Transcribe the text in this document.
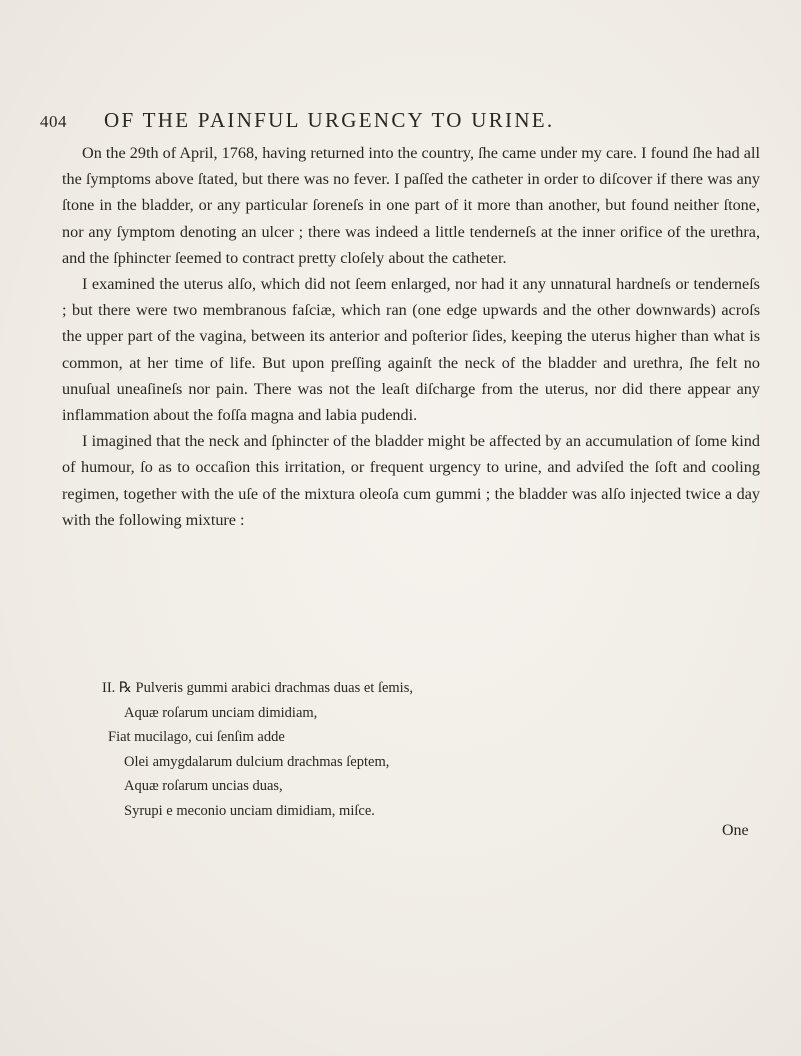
404 OF THE PAINFUL URGENCY TO URINE.

On the 29th of April, 1768, having returned into the country, ſhe came under my care. I found ſhe had all the ſymptoms above ſtated, but there was no fever. I paſſed the catheter in order to diſcover if there was any ſtone in the bladder, or any particular ſoreneſs in one part of it more than another, but found neither ſtone, nor any ſymptom denoting an ulcer ; there was indeed a little tenderneſs at the inner orifice of the urethra, and the ſphincter ſeemed to contract pretty cloſely about the catheter.

I examined the uterus alſo, which did not ſeem enlarged, nor had it any unnatural hardneſs or tenderneſs ; but there were two membranous faſciæ, which ran (one edge upwards and the other downwards) acroſs the upper part of the vagina, between its anterior and poſterior ſides, keeping the uterus higher than what is common, at her time of life. But upon preſſing againſt the neck of the bladder and urethra, ſhe felt no unuſual uneaſineſs nor pain. There was not the leaſt diſcharge from the uterus, nor did there appear any inflammation about the foſſa magna and labia pudendi.

I imagined that the neck and ſphincter of the bladder might be affected by an accumulation of ſome kind of humour, ſo as to occaſion this irritation, or frequent urgency to urine, and adviſed the ſoft and cooling regimen, together with the uſe of the mixtura oleoſa cum gummi ; the bladder was alſo injected twice a day with the following mixture :

II. ℞ Pulveris gummi arabici drachmas duas et ſemis,

Aquæ roſarum unciam dimidiam,

Fiat mucilago, cui ſenſim adde

Olei amygdalarum dulcium drachmas ſeptem,

Aquæ roſarum uncias duas,

Syrupi e meconio unciam dimidiam, miſce.

One
